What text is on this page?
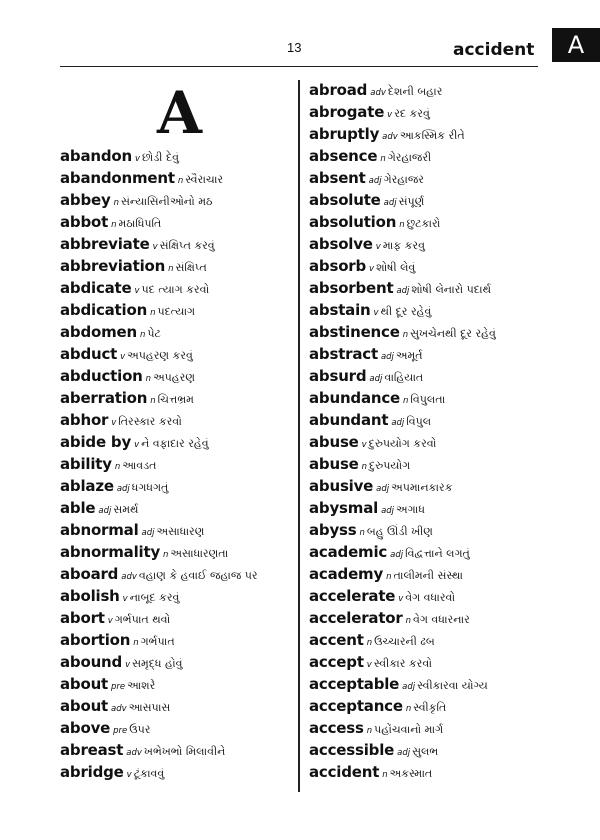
13	accident	A
A
abandon v છોડી દેવું
abandonment n સ્વૈરાચાર
abbey n સંન્યાસિનીઓનો મઠ
abbot n મઠાધિપતિ
abbreviate v સંક્ષિપ્ત કરવું
abbreviation n સંક્ષિપ્ત
abdicate v પદ ત્યાગ કરવો
abdication n પદત્યાગ
abdomen n પેટ
abduct v અપહરણ કરવું
abduction n અપહરણ
aberration n ચિત્તભ્રમ
abhor v તિરસ્કાર કરવો
abide by v ને વફાદાર રહેવું
ability n આવડત
ablaze adj ધગધગતું
able adj સમર્થ
abnormal adj અસાધારણ
abnormality n અસાધારણતા
aboard adv વહાણ કે હવાઈ જહાજ પર
abolish v નાબૂદ કરવું
abort v ગર્ભપાત થવો
abortion n ગર્ભપાત
abound v સમૃદ્ધ હોવું
about pre આશરે
about adv આસપાસ
above pre ઉપર
abreast adv ખભેખભો મિલાવીને
abridge v ટૂંકાવવું
abroad adv દેશની બહાર
abrogate v રદ કરવું
abruptly adv આકસ્મિક રીતે
absence n ગેરહાજરી
absent adj ગેરહાજર
absolute adj સંપૂર્ણ
absolution n છુટકારો
absolve v માફ કરવુ
absorb v શોષી લેવું
absorbent adj શોષી લેનારો પદાર્થ
abstain v થી દૂર રહેવું
abstinence n સુખચેનથી દૂર રહેવું
abstract adj અમૂર્ત
absurd adj વાહિયાત
abundance n વિપુલતા
abundant adj વિપુલ
abuse v દુરુપયોગ કરવો
abuse n દુરુપયોગ
abusive adj અપમાનકારક
abysmal adj અગાધ
abyss n બહુ ઊંડી ખીણ
academic adj વિદ્વત્તાને લગતું
academy n તાલીમની સંસ્થા
accelerate v વેગ વધારવો
accelerator n વેગ વધારનાર
accent n ઉચ્ચારની ઢબ
accept v સ્વીકાર કરવો
acceptable adj સ્વીકારવા યોગ્ય
acceptance n સ્વીકૃતિ
access n પહોંચવાનો માર્ગ
accessible adj સુલભ
accident n અકસ્માત
